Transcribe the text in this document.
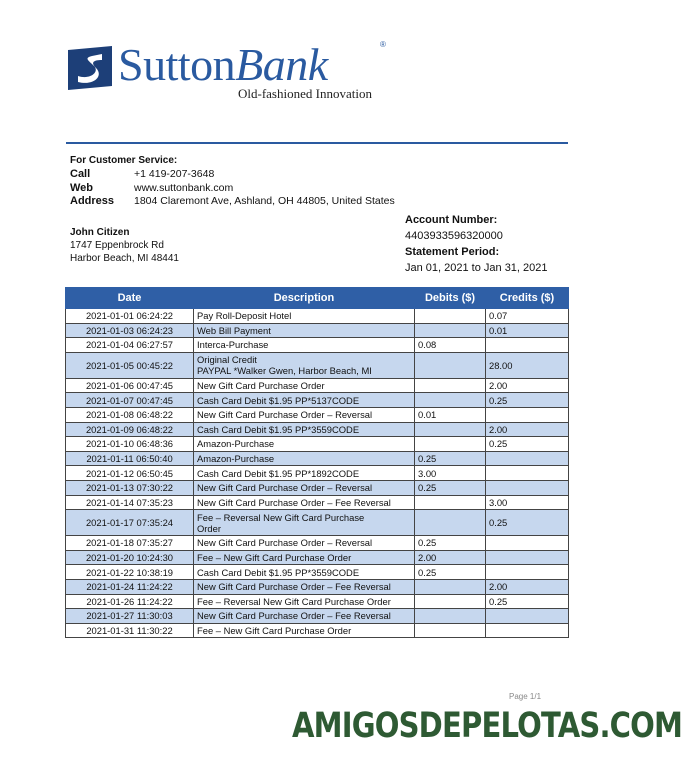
SuttonBank	®
Old-fashioned Innovation
For Customer Service:
Call	+1 419-207-3648
Web	www.suttonbank.com
Address	1804 Claremont Ave, Ashland, OH 44805, United States
John Citizen
1747 Eppenbrock Rd
Harbor Beach, MI 48441
Account Number:
4403933596320000
Statement Period:
Jan 01, 2021 to Jan 31, 2021
Date	Description	Debits ($)	Credits ($)
2021-01-01 06:24:22	Pay Roll-Deposit Hotel		0.07
2021-01-03 06:24:23	Web Bill Payment		0.01
2021-01-04 06:27:57	Interca-Purchase	0.08	
2021-01-05 00:45:22	Original Credit
PAYPAL *Walker Gwen, Harbor Beach, MI		28.00
2021-01-06 00:47:45	New Gift Card Purchase Order		2.00
2021-01-07 00:47:45	Cash Card Debit $1.95 PP*5137CODE		0.25
2021-01-08 06:48:22	New Gift Card Purchase Order – Reversal	0.01	
2021-01-09 06:48:22	Cash Card Debit $1.95 PP*3559CODE		2.00
2021-01-10 06:48:36	Amazon-Purchase		0.25
2021-01-11 06:50:40	Amazon-Purchase	0.25	
2021-01-12 06:50:45	Cash Card Debit $1.95 PP*1892CODE	3.00	
2021-01-13 07:30:22	New Gift Card Purchase Order – Reversal	0.25	
2021-01-14 07:35:23	New Gift Card Purchase Order – Fee Reversal		3.00
2021-01-17 07:35:24	Fee – Reversal New Gift Card Purchase
Order		0.25
2021-01-18 07:35:27	New Gift Card Purchase Order – Reversal	0.25	
2021-01-20 10:24:30	Fee – New Gift Card Purchase Order	2.00	
2021-01-22 10:38:19	Cash Card Debit $1.95 PP*3559CODE	0.25	
2021-01-24 11:24:22	New Gift Card Purchase Order – Fee Reversal		2.00
2021-01-26 11:24:22	Fee – Reversal New Gift Card Purchase Order		0.25
2021-01-27 11:30:03	New Gift Card Purchase Order – Fee Reversal		

2021-01-31 11:30:22	Fee – New Gift Card Purchase Order		

Page 1/1
AMIGOSDEPELOTAS.COM
